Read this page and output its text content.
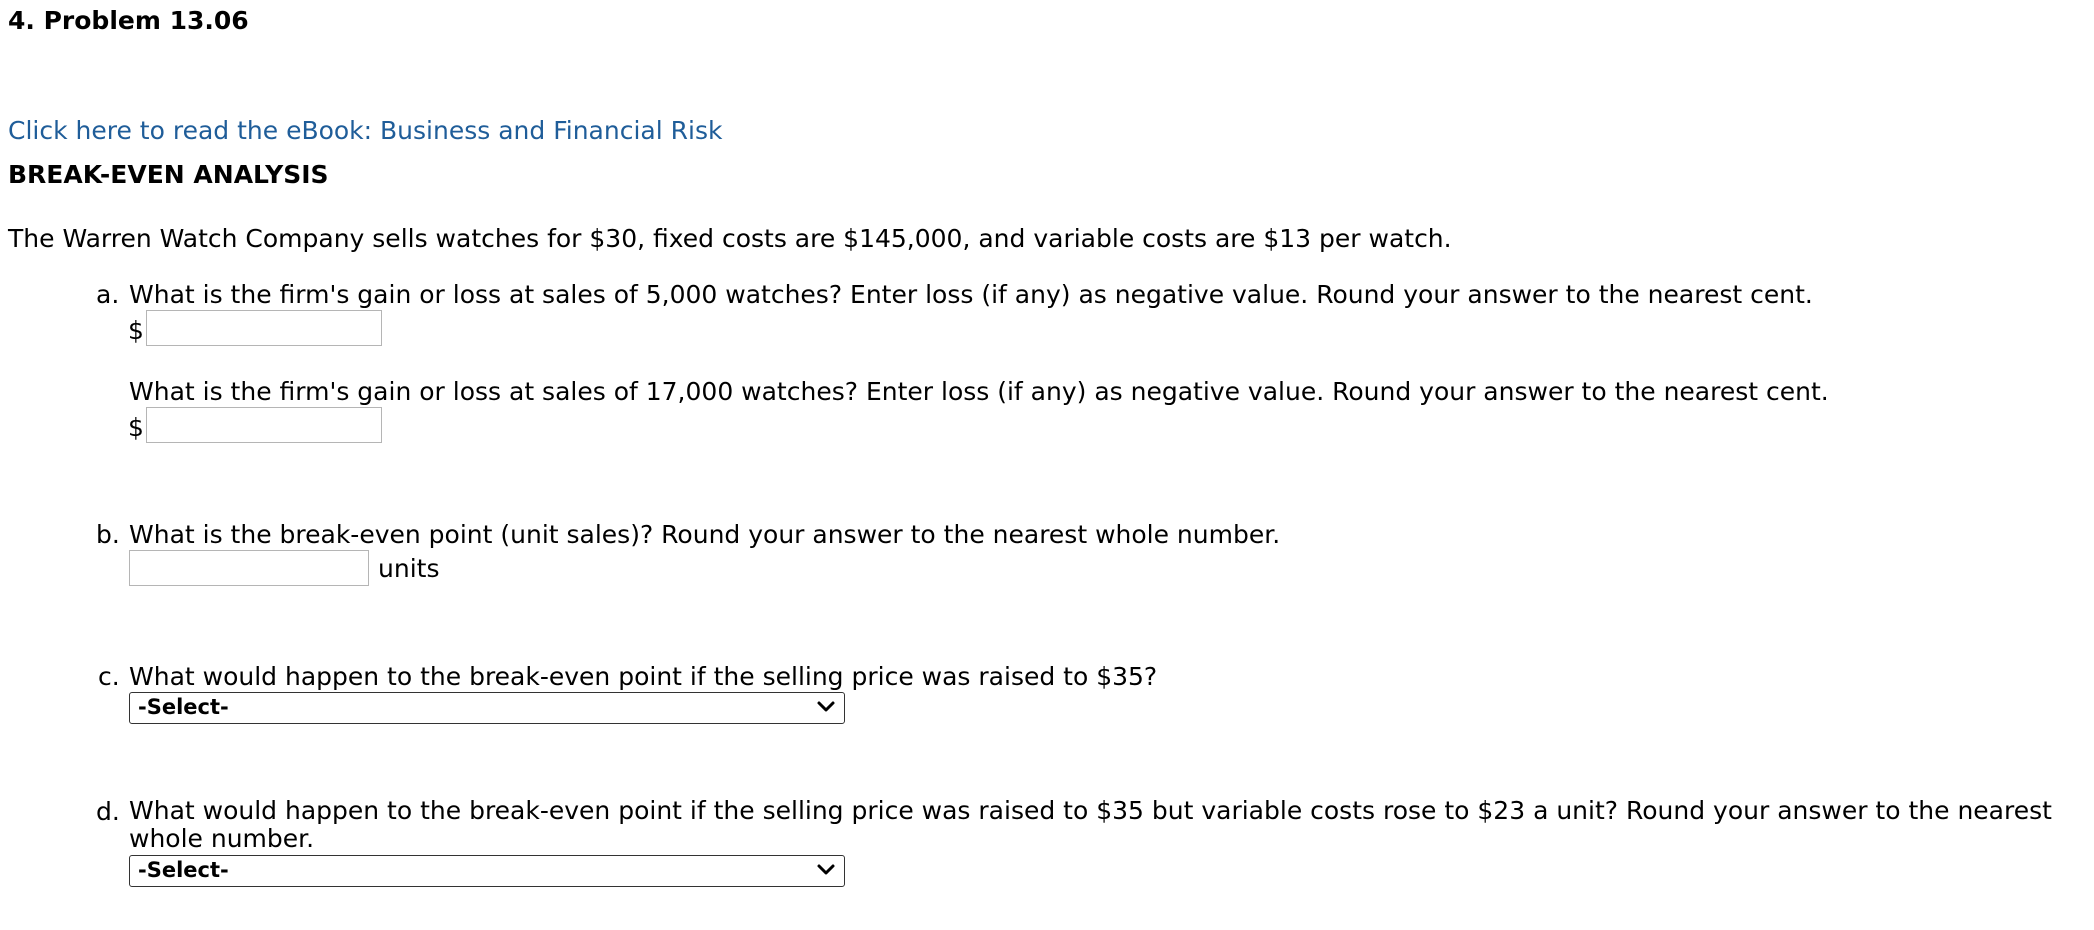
4. Problem 13.06
Click here to read the eBook: Business and Financial Risk
BREAK-EVEN ANALYSIS
The Warren Watch Company sells watches for $30, fixed costs are $145,000, and variable costs are $13 per watch.
a. What is the firm's gain or loss at sales of 5,000 watches? Enter loss (if any) as negative value. Round your answer to the nearest cent.
$
What is the firm's gain or loss at sales of 17,000 watches? Enter loss (if any) as negative value. Round your answer to the nearest cent.
$
b. What is the break-even point (unit sales)? Round your answer to the nearest whole number.
units
c. What would happen to the break-even point if the selling price was raised to $35?
-Select-
d. What would happen to the break-even point if the selling price was raised to $35 but variable costs rose to $23 a unit? Round your answer to the nearest whole number.
-Select-
